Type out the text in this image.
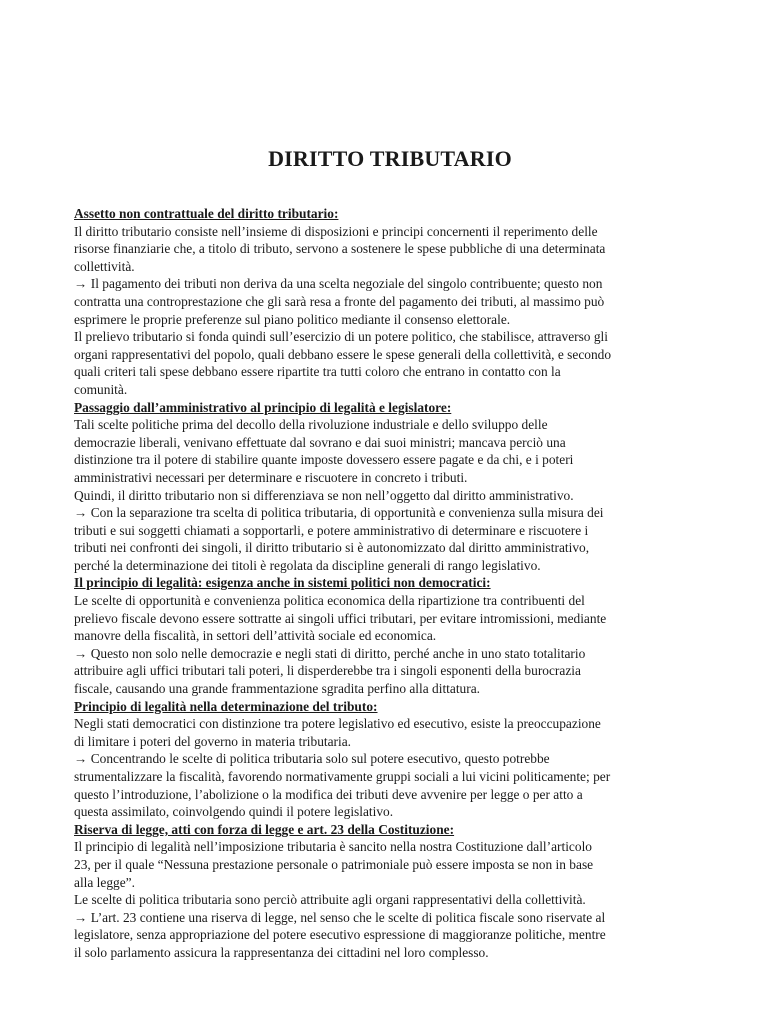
DIRITTO TRIBUTARIO
Assetto non contrattuale del diritto tributario:
Il diritto tributario consiste nell’insieme di disposizioni e principi concernenti il reperimento delle
risorse finanziarie che, a titolo di tributo, servono a sostenere le spese pubbliche di una determinata
collettività.
→ Il pagamento dei tributi non deriva da una scelta negoziale del singolo contribuente; questo non
contratta una controprestazione che gli sarà resa a fronte del pagamento dei tributi, al massimo può
esprimere le proprie preferenze sul piano politico mediante il consenso elettorale.
Il prelievo tributario si fonda quindi sull’esercizio di un potere politico, che stabilisce, attraverso gli
organi rappresentativi del popolo, quali debbano essere le spese generali della collettività, e secondo
quali criteri tali spese debbano essere ripartite tra tutti coloro che entrano in contatto con la
comunità.
Passaggio dall’amministrativo al principio di legalità e legislatore:
Tali scelte politiche prima del decollo della rivoluzione industriale e dello sviluppo delle
democrazie liberali, venivano effettuate dal sovrano e dai suoi ministri; mancava perciò una
distinzione tra il potere di stabilire quante imposte dovessero essere pagate e da chi, e i poteri
amministrativi necessari per determinare e riscuotere in concreto i tributi.
Quindi, il diritto tributario non si differenziava se non nell’oggetto dal diritto amministrativo.
→ Con la separazione tra scelta di politica tributaria, di opportunità e convenienza sulla misura dei
tributi e sui soggetti chiamati a sopportarli, e potere amministrativo di determinare e riscuotere i
tributi nei confronti dei singoli, il diritto tributario si è autonomizzato dal diritto amministrativo,
perché la determinazione dei titoli è regolata da discipline generali di rango legislativo.
Il principio di legalità: esigenza anche in sistemi politici non democratici:
Le scelte di opportunità e convenienza politica economica della ripartizione tra contribuenti del
prelievo fiscale devono essere sottratte ai singoli uffici tributari, per evitare intromissioni, mediante
manovre della fiscalità, in settori dell’attività sociale ed economica.
→ Questo non solo nelle democrazie e negli stati di diritto, perché anche in uno stato totalitario
attribuire agli uffici tributari tali poteri, li disperderebbe tra i singoli esponenti della burocrazia
fiscale, causando una grande frammentazione sgradita perfino alla dittatura.
Principio di legalità nella determinazione del tributo:
Negli stati democratici con distinzione tra potere legislativo ed esecutivo, esiste la preoccupazione
di limitare i poteri del governo in materia tributaria.
→ Concentrando le scelte di politica tributaria solo sul potere esecutivo, questo potrebbe
strumentalizzare la fiscalità, favorendo normativamente gruppi sociali a lui vicini politicamente; per
questo l’introduzione, l’abolizione o la modifica dei tributi deve avvenire per legge o per atto a
questa assimilato, coinvolgendo quindi il potere legislativo.
Riserva di legge, atti con forza di legge e art. 23 della Costituzione:
Il principio di legalità nell’imposizione tributaria è sancito nella nostra Costituzione dall’articolo
23, per il quale “Nessuna prestazione personale o patrimoniale può essere imposta se non in base
alla legge”.
Le scelte di politica tributaria sono perciò attribuite agli organi rappresentativi della collettività.
→ L’art. 23 contiene una riserva di legge, nel senso che le scelte di politica fiscale sono riservate al
legislatore, senza appropriazione del potere esecutivo espressione di maggioranze politiche, mentre
il solo parlamento assicura la rappresentanza dei cittadini nel loro complesso.
